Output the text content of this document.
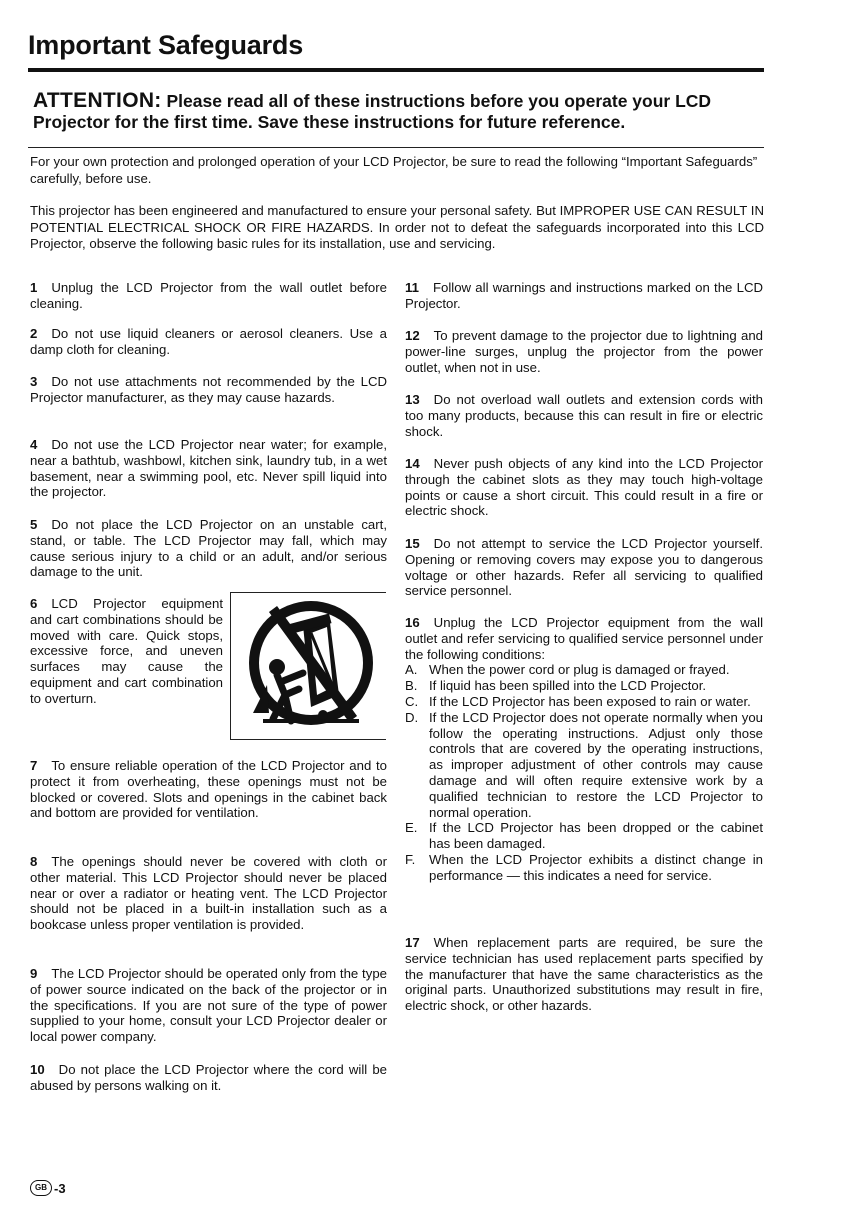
Important Safeguards
ATTENTION: Please read all of these instructions before you operate your LCD Projector for the first time. Save these instructions for future reference.
For your own protection and prolonged operation of your LCD Projector, be sure to read the following “Important Safeguards” carefully, before use.
This projector has been engineered and manufactured to ensure your personal safety. But IMPROPER USE CAN RESULT IN POTENTIAL ELECTRICAL SHOCK OR FIRE HAZARDS. In order not to defeat the safeguards incorporated into this LCD Projector, observe the following basic rules for its installation, use and servicing.
1 Unplug the LCD Projector from the wall outlet before cleaning.
2 Do not use liquid cleaners or aerosol cleaners. Use a damp cloth for cleaning.
3 Do not use attachments not recommended by the LCD Projector manufacturer, as they may cause hazards.
4 Do not use the LCD Projector near water; for example, near a bathtub, washbowl, kitchen sink, laundry tub, in a wet basement, near a swimming pool, etc. Never spill liquid into the projector.
5 Do not place the LCD Projector on an unstable cart, stand, or table. The LCD Projector may fall, which may cause serious injury to a child or an adult, and/or serious damage to the unit.
6 LCD Projector equipment and cart combinations should be moved with care. Quick stops, excessive force, and uneven surfaces may cause the equipment and cart combination to overturn.
7 To ensure reliable operation of the LCD Projector and to protect it from overheating, these openings must not be blocked or covered. Slots and openings in the cabinet back and bottom are provided for ventilation.
8 The openings should never be covered with cloth or other material. This LCD Projector should never be placed near or over a radiator or heating vent. The LCD Projector should not be placed in a built-in installation such as a bookcase unless proper ventilation is provided.
9 The LCD Projector should be operated only from the type of power source indicated on the back of the projector or in the specifications. If you are not sure of the type of power supplied to your home, consult your LCD Projector dealer or local power company.
10 Do not place the LCD Projector where the cord will be abused by persons walking on it.
11 Follow all warnings and instructions marked on the LCD Projector.
12 To prevent damage to the projector due to lightning and power-line surges, unplug the projector from the power outlet, when not in use.
13 Do not overload wall outlets and extension cords with too many products, because this can result in fire or electric shock.
14 Never push objects of any kind into the LCD Projector through the cabinet slots as they may touch high-voltage points or cause a short circuit. This could result in a fire or electric shock.
15 Do not attempt to service the LCD Projector yourself. Opening or removing covers may expose you to dangerous voltage or other hazards. Refer all servicing to qualified service personnel.
16 Unplug the LCD Projector equipment from the wall outlet and refer servicing to qualified service personnel under the following conditions:
A. When the power cord or plug is damaged or frayed.
B. If liquid has been spilled into the LCD Projector.
C. If the LCD Projector has been exposed to rain or water.
D. If the LCD Projector does not operate normally when you follow the operating instructions. Adjust only those controls that are covered by the operating instructions, as improper adjustment of other controls may cause damage and will often require extensive work by a qualified technician to restore the LCD Projector to normal operation.
E. If the LCD Projector has been dropped or the cabinet has been damaged.
F. When the LCD Projector exhibits a distinct change in performance — this indicates a need for service.
17 When replacement parts are required, be sure the service technician has used replacement parts specified by the manufacturer that have the same characteristics as the original parts. Unauthorized substitutions may result in fire, electric shock, or other hazards.
GB -3
